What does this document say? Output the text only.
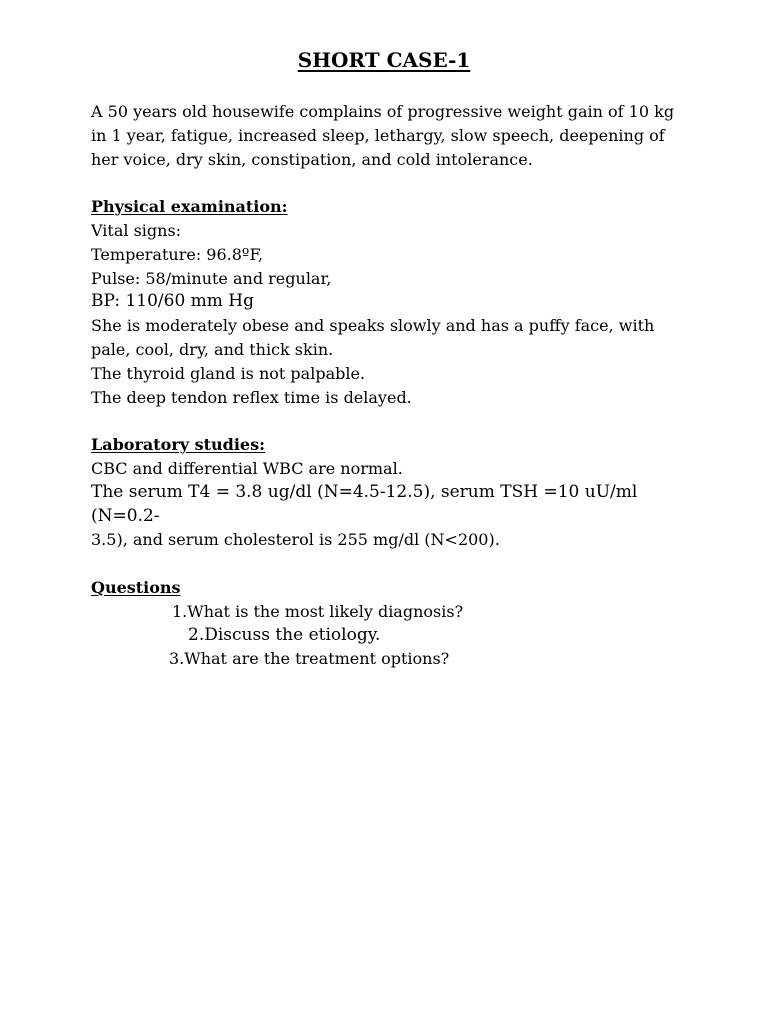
SHORT CASE-1

A 50 years old housewife complains of progressive weight gain of 10 kg

in 1 year, fatigue, increased sleep, lethargy, slow speech, deepening of

her voice, dry skin, constipation, and cold intolerance.

Physical examination:

Vital signs:

Temperature: 96.8ºF,

Pulse: 58/minute and regular,

BP: 110/60 mm Hg

She is moderately obese and speaks slowly and has a puffy face, with

pale, cool, dry, and thick skin.

The thyroid gland is not palpable.

The deep tendon reflex time is delayed.

Laboratory studies:

CBC and differential WBC are normal.

The serum T4 = 3.8 ug/dl (N=4.5-12.5), serum TSH =10 uU/ml (N=0.2-

3.5), and serum cholesterol is 255 mg/dl (N<200).

Questions

1.What is the most likely diagnosis?

2.Discuss the etiology.

3.What are the treatment options?
